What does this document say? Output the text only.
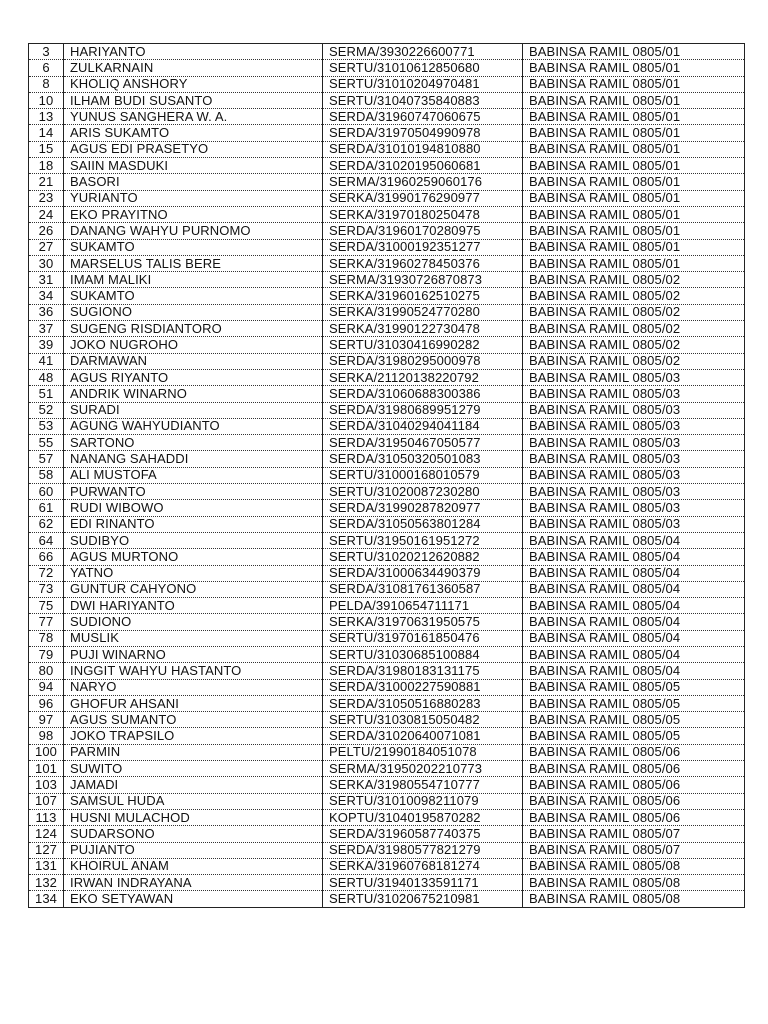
3	HARIYANTO	SERMA/3930226600771	BABINSA RAMIL 0805/01
6	ZULKARNAIN	SERTU/31010612850680	BABINSA RAMIL 0805/01
8	KHOLIQ ANSHORY	SERTU/31010204970481	BABINSA RAMIL 0805/01
10	ILHAM BUDI SUSANTO	SERTU/31040735840883	BABINSA RAMIL 0805/01
13	YUNUS SANGHERA W. A.	SERDA/31960747060675	BABINSA RAMIL 0805/01
14	ARIS SUKAMTO	SERDA/31970504990978	BABINSA RAMIL 0805/01
15	AGUS EDI PRASETYO	SERDA/31010194810880	BABINSA RAMIL 0805/01
18	SAIIN MASDUKI	SERDA/31020195060681	BABINSA RAMIL 0805/01
21	BASORI	SERMA/31960259060176	BABINSA RAMIL 0805/01
23	YURIANTO	SERKA/31990176290977	BABINSA RAMIL 0805/01
24	EKO PRAYITNO	SERKA/31970180250478	BABINSA RAMIL 0805/01
26	DANANG WAHYU PURNOMO	SERDA/31960170280975	BABINSA RAMIL 0805/01
27	SUKAMTO	SERDA/31000192351277	BABINSA RAMIL 0805/01
30	MARSELUS TALIS BERE	SERKA/31960278450376	BABINSA RAMIL 0805/01
31	IMAM MALIKI	SERMA/31930726870873	BABINSA RAMIL 0805/02
34	SUKAMTO	SERKA/31960162510275	BABINSA RAMIL 0805/02
36	SUGIONO	SERKA/31990524770280	BABINSA RAMIL 0805/02
37	SUGENG RISDIANTORO	SERKA/31990122730478	BABINSA RAMIL 0805/02
39	JOKO NUGROHO	SERTU/31030416990282	BABINSA RAMIL 0805/02
41	DARMAWAN	SERDA/31980295000978	BABINSA RAMIL 0805/02
48	AGUS RIYANTO	SERKA/21120138220792	BABINSA RAMIL 0805/03
51	ANDRIK WINARNO	SERDA/31060688300386	BABINSA RAMIL 0805/03
52	SURADI	SERDA/31980689951279	BABINSA RAMIL 0805/03
53	AGUNG WAHYUDIANTO	SERDA/31040294041184	BABINSA RAMIL 0805/03
55	SARTONO	SERDA/31950467050577	BABINSA RAMIL 0805/03
57	NANANG SAHADDI	SERDA/31050320501083	BABINSA RAMIL 0805/03
58	ALI MUSTOFA	SERTU/31000168010579	BABINSA RAMIL 0805/03
60	PURWANTO	SERTU/31020087230280	BABINSA RAMIL 0805/03
61	RUDI WIBOWO	SERDA/31990287820977	BABINSA RAMIL 0805/03
62	EDI RINANTO	SERDA/31050563801284	BABINSA RAMIL 0805/03
64	SUDIBYO	SERTU/31950161951272	BABINSA RAMIL 0805/04
66	AGUS MURTONO	SERTU/31020212620882	BABINSA RAMIL 0805/04
72	YATNO	SERDA/31000634490379	BABINSA RAMIL 0805/04
73	GUNTUR CAHYONO	SERDA/31081761360587	BABINSA RAMIL 0805/04
75	DWI HARIYANTO	PELDA/3910654711171	BABINSA RAMIL 0805/04
77	SUDIONO	SERKA/31970631950575	BABINSA RAMIL 0805/04
78	MUSLIK	SERTU/31970161850476	BABINSA RAMIL 0805/04
79	PUJI WINARNO	SERTU/31030685100884	BABINSA RAMIL 0805/04
80	INGGIT WAHYU HASTANTO	SERDA/31980183131175	BABINSA RAMIL 0805/04
94	NARYO	SERDA/31000227590881	BABINSA RAMIL 0805/05
96	GHOFUR AHSANI	SERDA/31050516880283	BABINSA RAMIL 0805/05
97	AGUS SUMANTO	SERTU/31030815050482	BABINSA RAMIL 0805/05
98	JOKO TRAPSILO	SERDA/31020640071081	BABINSA RAMIL 0805/05
100	PARMIN	PELTU/21990184051078	BABINSA RAMIL 0805/06
101	SUWITO	SERMA/31950202210773	BABINSA RAMIL 0805/06
103	JAMADI	SERKA/31980554710777	BABINSA RAMIL 0805/06
107	SAMSUL HUDA	SERTU/31010098211079	BABINSA RAMIL 0805/06
113	HUSNI MULACHOD	KOPTU/31040195870282	BABINSA RAMIL 0805/06
124	SUDARSONO	SERDA/31960587740375	BABINSA RAMIL 0805/07
127	PUJIANTO	SERDA/31980577821279	BABINSA RAMIL 0805/07
131	KHOIRUL ANAM	SERKA/31960768181274	BABINSA RAMIL 0805/08
132	IRWAN INDRAYANA	SERTU/31940133591171	BABINSA RAMIL 0805/08
134	EKO SETYAWAN	SERTU/31020675210981	BABINSA RAMIL 0805/08
